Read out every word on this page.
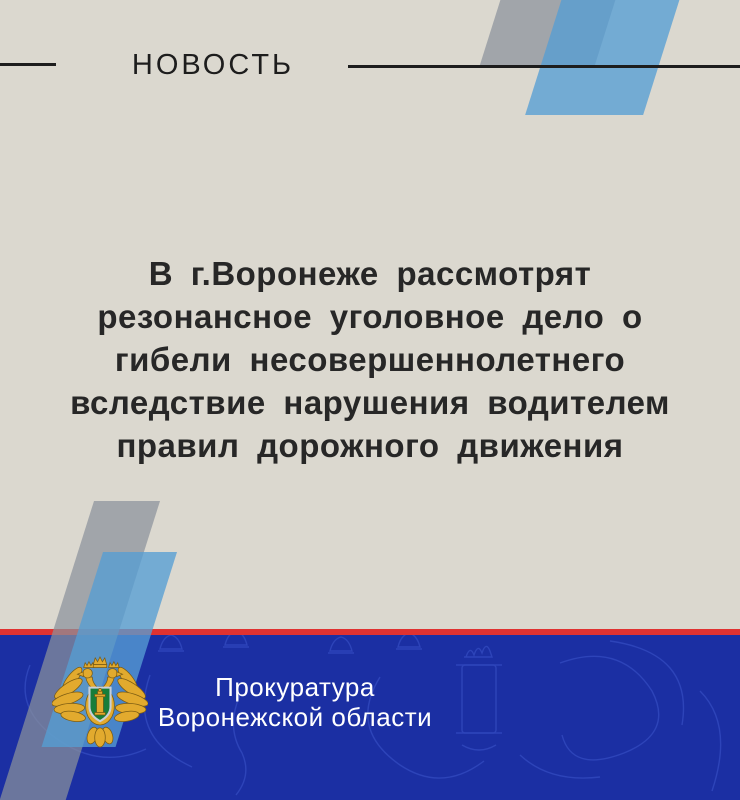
НОВОСТЬ
В г.Воронеже рассмотрят
резонансное уголовное дело о
гибели несовершеннолетнего
вследствие нарушения водителем
правил дорожного движения
Прокуратура
Воронежской области
